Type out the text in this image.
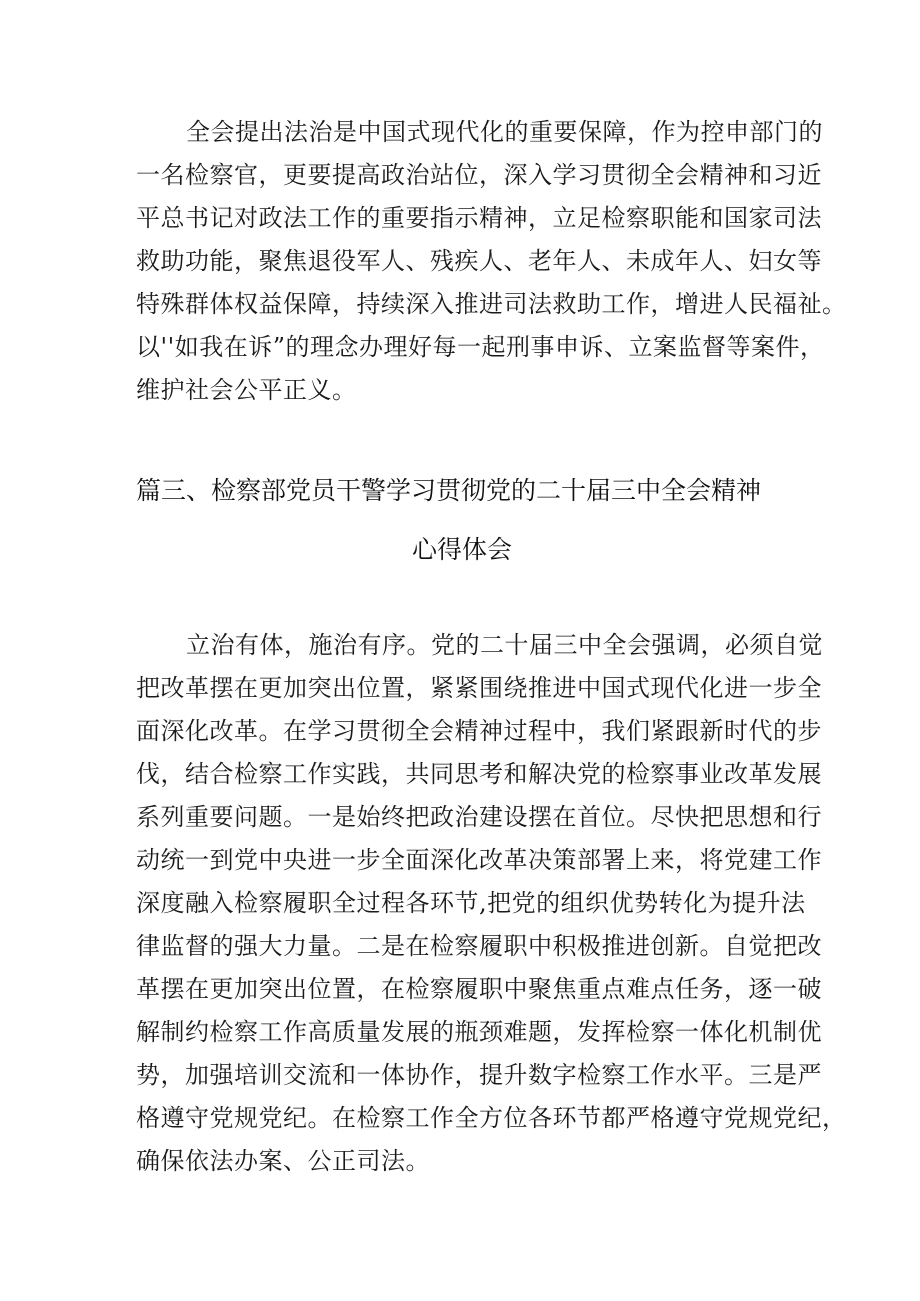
全会提出法治是中国式现代化的重要保障，作为控申部门的
一名检察官，更要提高政治站位，深入学习贯彻全会精神和习近
平总书记对政法工作的重要指示精神，立足检察职能和国家司法
救助功能，聚焦退役军人、残疾人、老年人、未成年人、妇女等
特殊群体权益保障，持续深入推进司法救助工作，增进人民福祉。
以''如我在诉”的理念办理好每一起刑事申诉、立案监督等案件，
维护社会公平正义。
篇三、检察部党员干警学习贯彻党的二十届三中全会精神
心得体会
立治有体，施治有序。党的二十届三中全会强调，必须自觉
把改革摆在更加突出位置，紧紧围绕推进中国式现代化进一步全
面深化改革。在学习贯彻全会精神过程中，我们紧跟新时代的步
伐，结合检察工作实践，共同思考和解决党的检察事业改革发展
系列重要问题。一是始终把政治建设摆在首位。尽快把思想和行
动统一到党中央进一步全面深化改革决策部署上来，将党建工作
深度融入检察履职全过程各环节,把党的组织优势转化为提升法
律监督的强大力量。二是在检察履职中积极推进创新。自觉把改
革摆在更加突出位置，在检察履职中聚焦重点难点任务，逐一破
解制约检察工作高质量发展的瓶颈难题，发挥检察一体化机制优
势，加强培训交流和一体协作，提升数字检察工作水平。三是严
格遵守党规党纪。在检察工作全方位各环节都严格遵守党规党纪，
确保依法办案、公正司法。
